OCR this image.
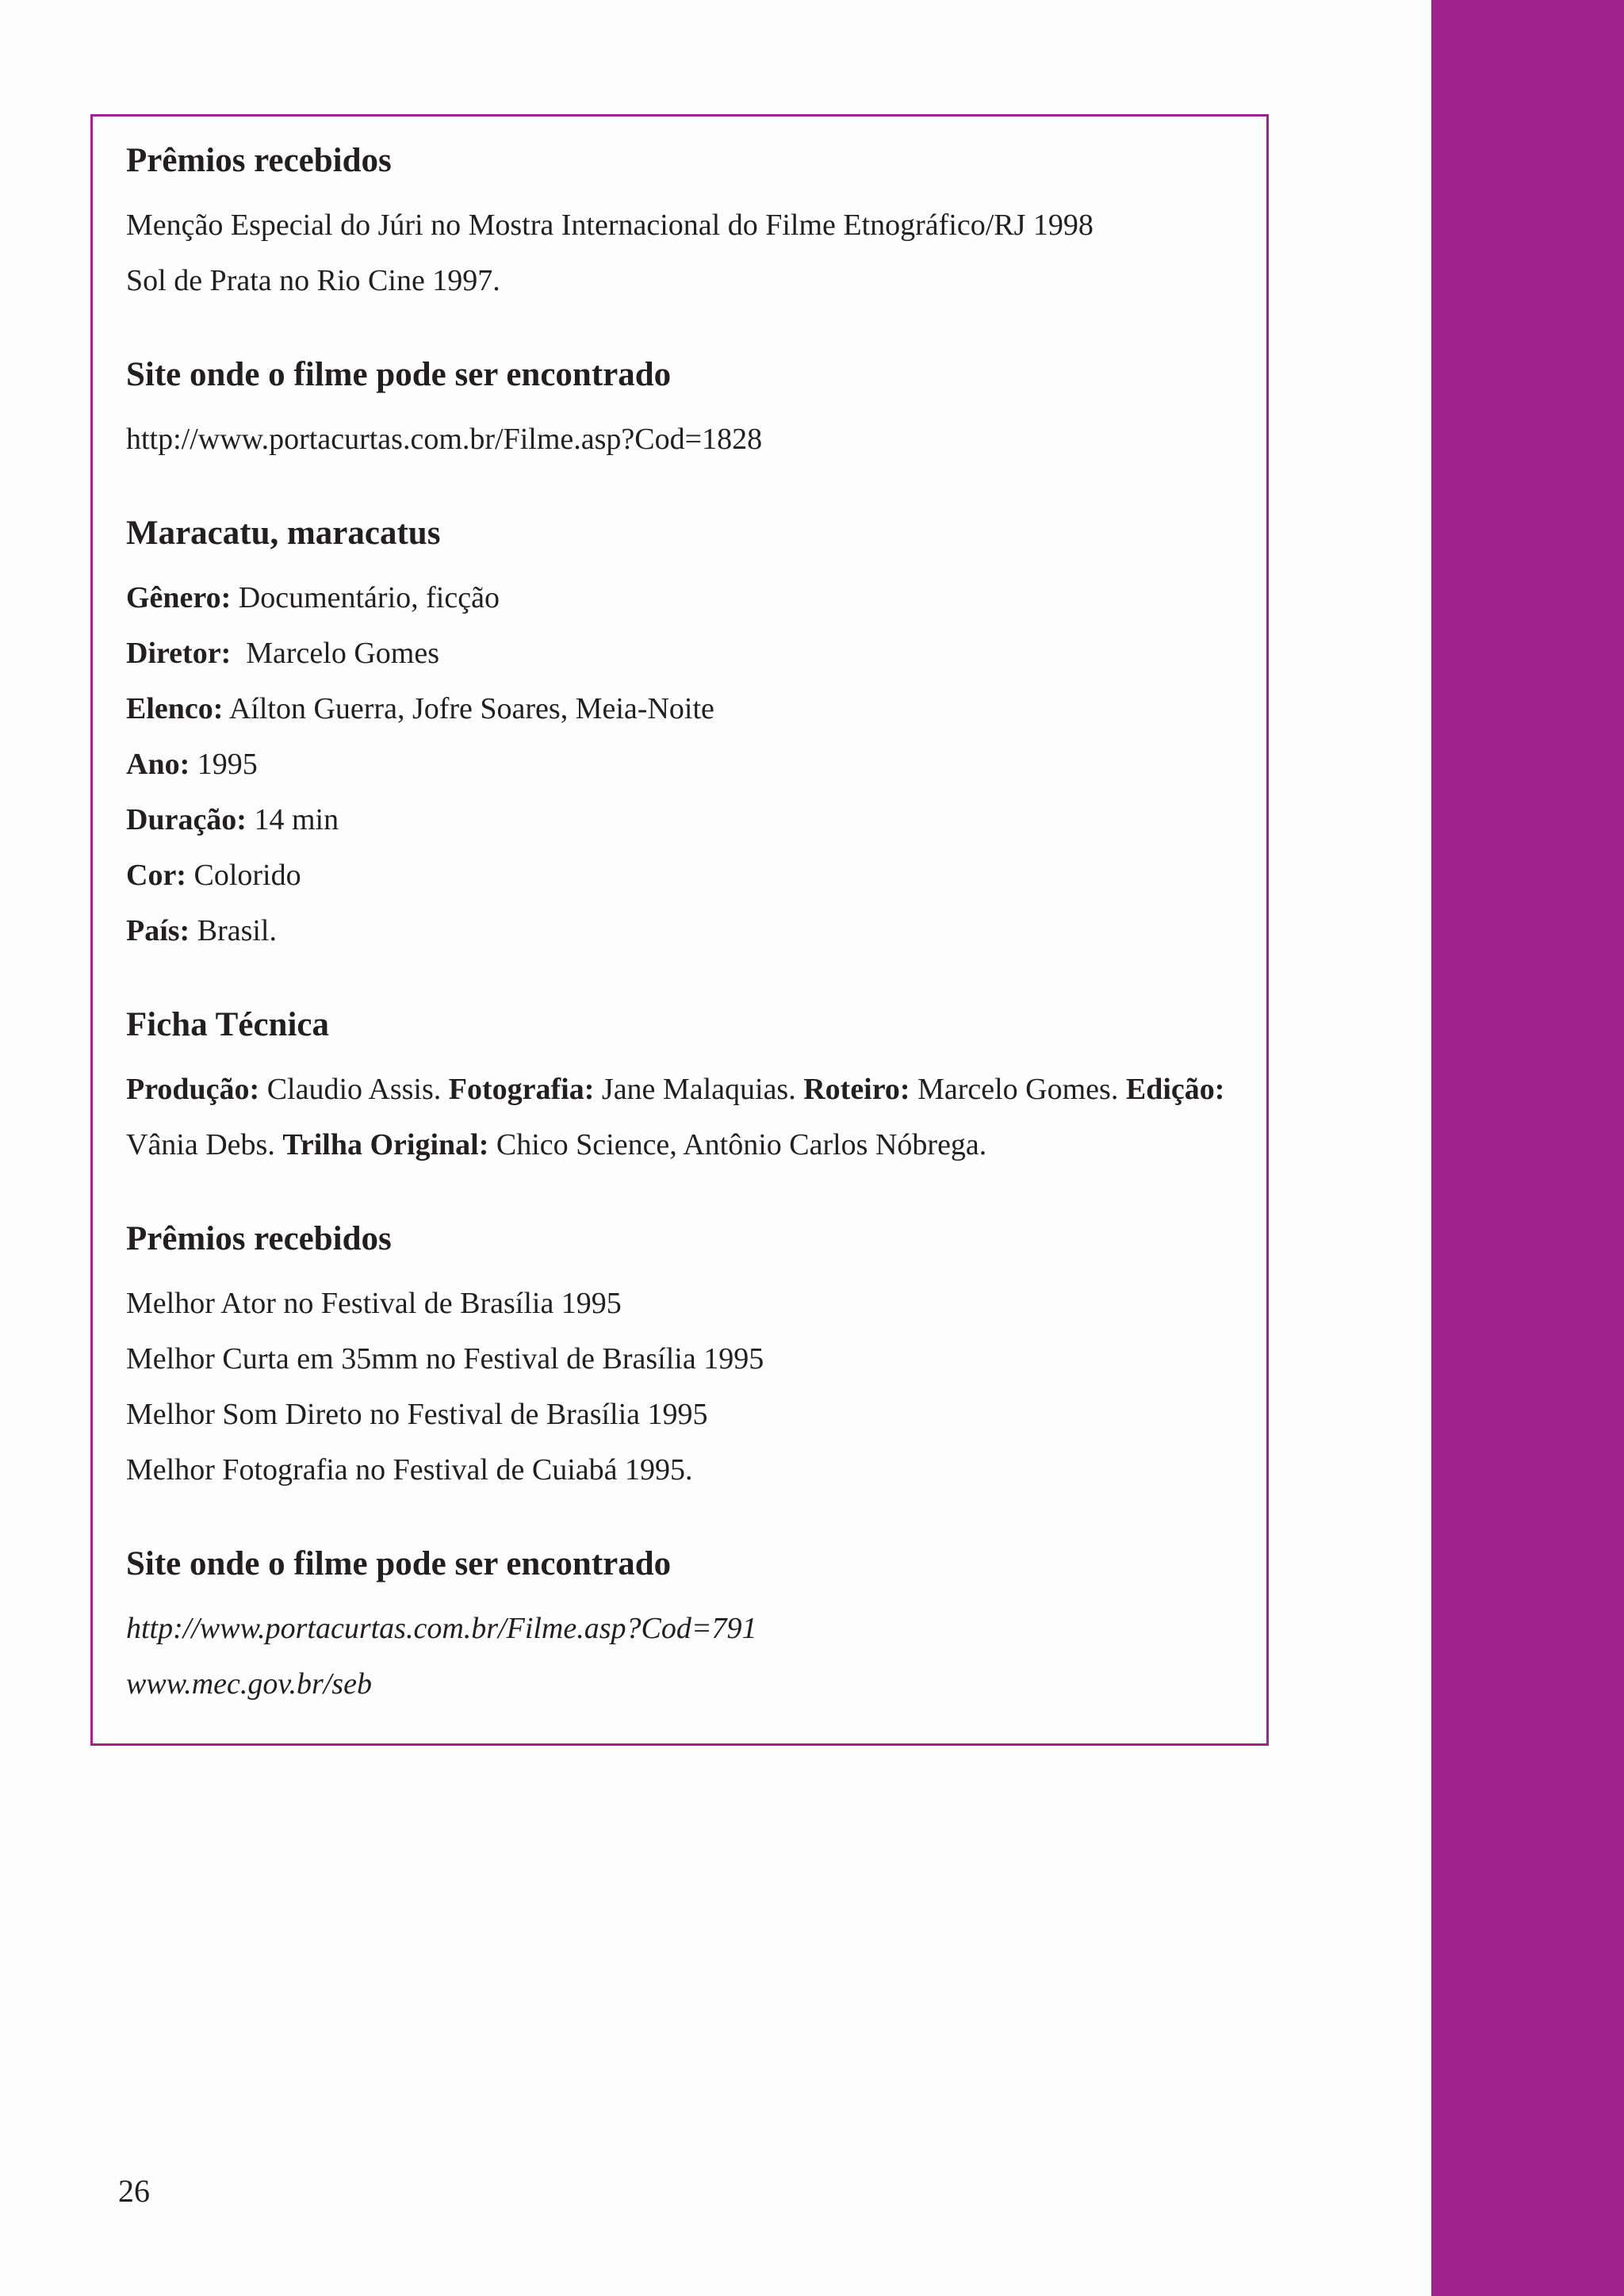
Prêmios recebidos

Menção Especial do Júri no Mostra Internacional do Filme Etnográfico/RJ 1998

Sol de Prata no Rio Cine 1997.

Site onde o filme pode ser encontrado

http://www.portacurtas.com.br/Filme.asp?Cod=1828

Maracatu, maracatus

Gênero: Documentário, ficção

Diretor:  Marcelo Gomes

Elenco: Aílton Guerra, Jofre Soares, Meia-Noite

Ano: 1995

Duração: 14 min

Cor: Colorido

País: Brasil.

Ficha Técnica

Produção: Claudio Assis. Fotografia: Jane Malaquias. Roteiro: Marcelo Gomes. Edição:

Vânia Debs. Trilha Original: Chico Science, Antônio Carlos Nóbrega.

Prêmios recebidos

Melhor Ator no Festival de Brasília 1995

Melhor Curta em 35mm no Festival de Brasília 1995

Melhor Som Direto no Festival de Brasília 1995

Melhor Fotografia no Festival de Cuiabá 1995.

Site onde o filme pode ser encontrado

http://www.portacurtas.com.br/Filme.asp?Cod=791

www.mec.gov.br/seb

26
